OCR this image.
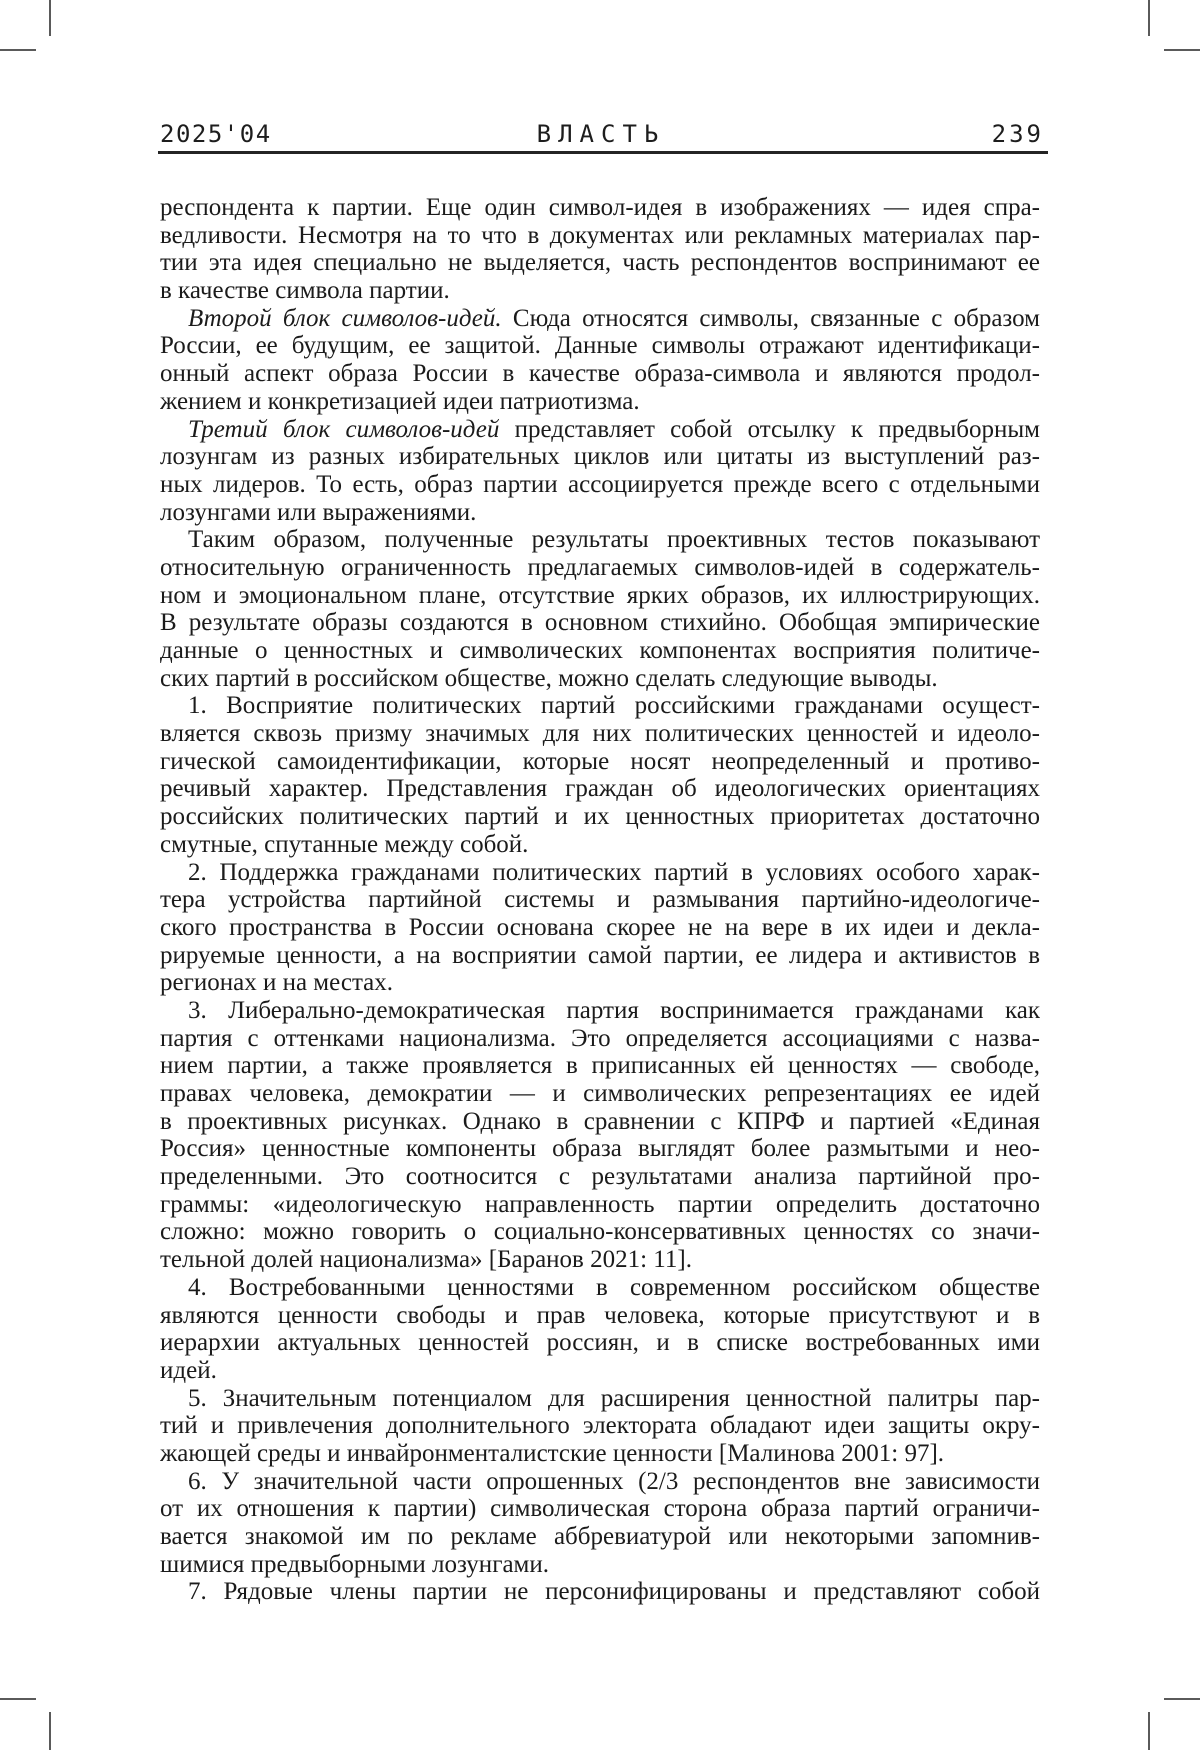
2025'04	ВЛАСТЬ	239
респондента к партии. Еще один символ-идея в изображениях — идея спра-
ведливости. Несмотря на то что в документах или рекламных материалах пар-
тии эта идея специально не выделяется, часть респондентов воспринимают ее
в качестве символа партии.
Второй блок символов-идей. Сюда относятся символы, связанные с образом
России, ее будущим, ее защитой. Данные символы отражают идентификаци-
онный аспект образа России в качестве образа-символа и являются продол-
жением и конкретизацией идеи патриотизма.
Третий блок символов-идей представляет собой отсылку к предвыборным
лозунгам из разных избирательных циклов или цитаты из выступлений раз-
ных лидеров. То есть, образ партии ассоциируется прежде всего с отдельными
лозунгами или выражениями.
Таким образом, полученные результаты проективных тестов показывают
относительную ограниченность предлагаемых символов-идей в содержатель-
ном и эмоциональном плане, отсутствие ярких образов, их иллюстрирующих.
В результате образы создаются в основном стихийно. Обобщая эмпирические
данные о ценностных и символических компонентах восприятия политиче-
ских партий в российском обществе, можно сделать следующие выводы.
1. Восприятие политических партий российскими гражданами осущест-
вляется сквозь призму значимых для них политических ценностей и идеоло-
гической самоидентификации, которые носят неопределенный и противо-
речивый характер. Представления граждан об идеологических ориентациях
российских политических партий и их ценностных приоритетах достаточно
смутные, спутанные между собой.
2. Поддержка гражданами политических партий в условиях особого харак-
тера устройства партийной системы и размывания партийно-идеологиче-
ского пространства в России основана скорее не на вере в их идеи и декла-
рируемые ценности, а на восприятии самой партии, ее лидера и активистов в
регионах и на местах.
3. Либерально-демократическая партия воспринимается гражданами как
партия с оттенками национализма. Это определяется ассоциациями с назва-
нием партии, а также проявляется в приписанных ей ценностях — свободе,
правах человека, демократии — и символических репрезентациях ее идей
в проективных рисунках. Однако в сравнении с КПРФ и партией «Единая
Россия» ценностные компоненты образа выглядят более размытыми и нео-
пределенными. Это соотносится с результатами анализа партийной про-
граммы: «идеологическую направленность партии определить достаточно
сложно: можно говорить о социально-консервативных ценностях со значи-
тельной долей национализма» [Баранов 2021: 11].
4. Востребованными ценностями в современном российском обществе
являются ценности свободы и прав человека, которые присутствуют и в
иерархии актуальных ценностей россиян, и в списке востребованных ими
идей.
5. Значительным потенциалом для расширения ценностной палитры пар-
тий и привлечения дополнительного электората обладают идеи защиты окру-
жающей среды и инвайронменталистские ценности [Малинова 2001: 97].
6. У значительной части опрошенных (2/3 респондентов вне зависимости
от их отношения к партии) символическая сторона образа партий ограничи-
вается знакомой им по рекламе аббревиатурой или некоторыми запомнив-
шимися предвыборными лозунгами.
7. Рядовые члены партии не персонифицированы и представляют собой
